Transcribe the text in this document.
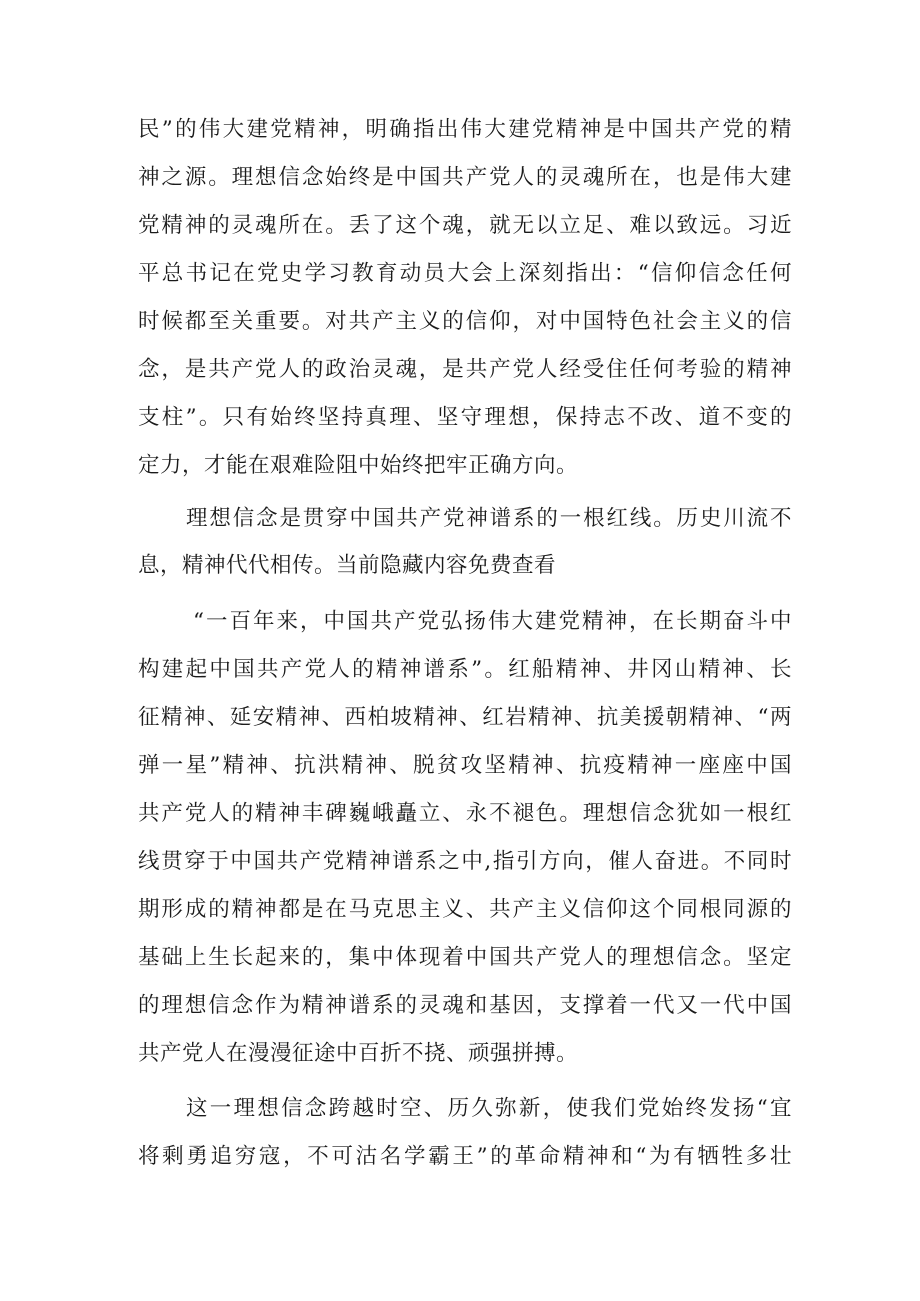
民”的伟大建党精神，明确指出伟大建党精神是中国共产党的精
神之源。理想信念始终是中国共产党人的灵魂所在，也是伟大建
党精神的灵魂所在。丢了这个魂，就无以立足、难以致远。习近
平总书记在党史学习教育动员大会上深刻指出：“信仰信念任何
时候都至关重要。对共产主义的信仰，对中国特色社会主义的信
念，是共产党人的政治灵魂，是共产党人经受住任何考验的精神
支柱”。只有始终坚持真理、坚守理想，保持志不改、道不变的
定力，才能在艰难险阻中始终把牢正确方向。
理想信念是贯穿中国共产党神谱系的一根红线。历史川流不
息，精神代代相传。当前隐藏内容免费查看
“一百年来，中国共产党弘扬伟大建党精神，在长期奋斗中
构建起中国共产党人的精神谱系”。红船精神、井冈山精神、长
征精神、延安精神、西柏坡精神、红岩精神、抗美援朝精神、“两
弹一星”精神、抗洪精神、脱贫攻坚精神、抗疫精神一座座中国
共产党人的精神丰碑巍峨矗立、永不褪色。理想信念犹如一根红
线贯穿于中国共产党精神谱系之中,指引方向，催人奋进。不同时
期形成的精神都是在马克思主义、共产主义信仰这个同根同源的
基础上生长起来的，集中体现着中国共产党人的理想信念。坚定
的理想信念作为精神谱系的灵魂和基因，支撑着一代又一代中国
共产党人在漫漫征途中百折不挠、顽强拼搏。
这一理想信念跨越时空、历久弥新，使我们党始终发扬“宜
将剩勇追穷寇，不可沽名学霸王”的革命精神和“为有牺牲多壮
